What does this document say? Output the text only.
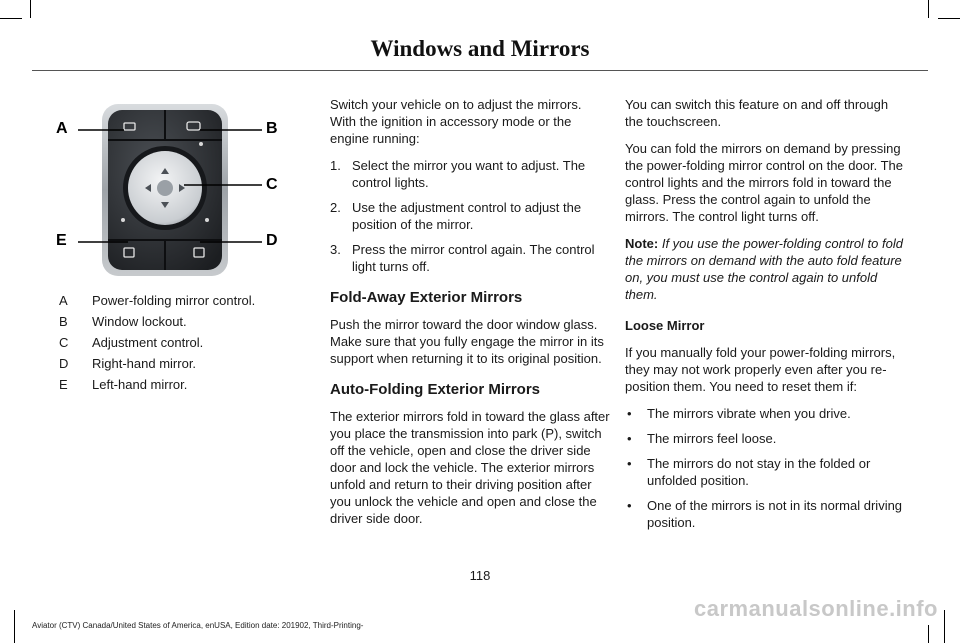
Windows and Mirrors
A	B
C
D
E
A	Power-folding mirror control.
B	Window lockout.
C	Adjustment control.
D	Right-hand mirror.
E	Left-hand mirror.

Switch your vehicle on to adjust the mirrors. With the ignition in accessory mode or the engine running:

1. Select the mirror you want to adjust. The control lights.
2. Use the adjustment control to adjust the position of the mirror.
3. Press the mirror control again. The control light turns off.
Fold-Away Exterior Mirrors

Push the mirror toward the door window glass. Make sure that you fully engage the mirror in its support when returning it to its original position.

Auto-Folding Exterior Mirrors

The exterior mirrors fold in toward the glass after you place the transmission into park (P), switch off the vehicle, open and close the driver side door and lock the vehicle. The exterior mirrors unfold and return to their driving position after you unlock the vehicle and open and close the driver side door.

You can switch this feature on and off through the touchscreen.

You can fold the mirrors on demand by pressing the power-folding mirror control on the door. The control lights and the mirrors fold in toward the glass. Press the control again to unfold the mirrors. The control light turns off.

Note: If you use the power-folding control to fold the mirrors on demand with the auto fold feature on, you must use the control again to unfold them.

Loose Mirror

If you manually fold your power-folding mirrors, they may not work properly even after you re-position them. You need to reset them if:

•	The mirrors vibrate when you drive.
•	The mirrors feel loose.
•	The mirrors do not stay in the folded or unfolded position.
•	One of the mirrors is not in its normal driving position.
118
Aviator (CTV) Canada/United States of America, enUSA, Edition date: 201902, Third-Printing-
carmanualsonline.info
